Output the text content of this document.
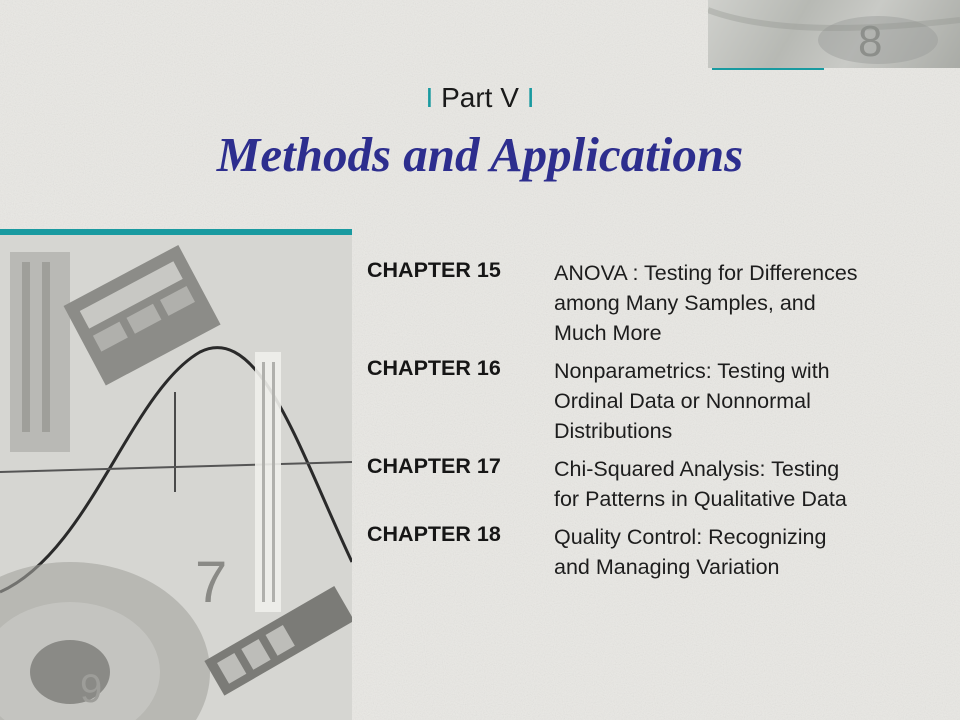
8
7
9
I Part V I
Methods and Applications
CHAPTER 15 ANOVA : Testing for Differences
among Many Samples, and
Much More
CHAPTER 16 Nonparametrics: Testing with
Ordinal Data or Nonnormal
Distributions
CHAPTER 17 Chi-Squared Analysis: Testing
for Patterns in Qualitative Data
CHAPTER 18 Quality Control: Recognizing
and Managing Variation
